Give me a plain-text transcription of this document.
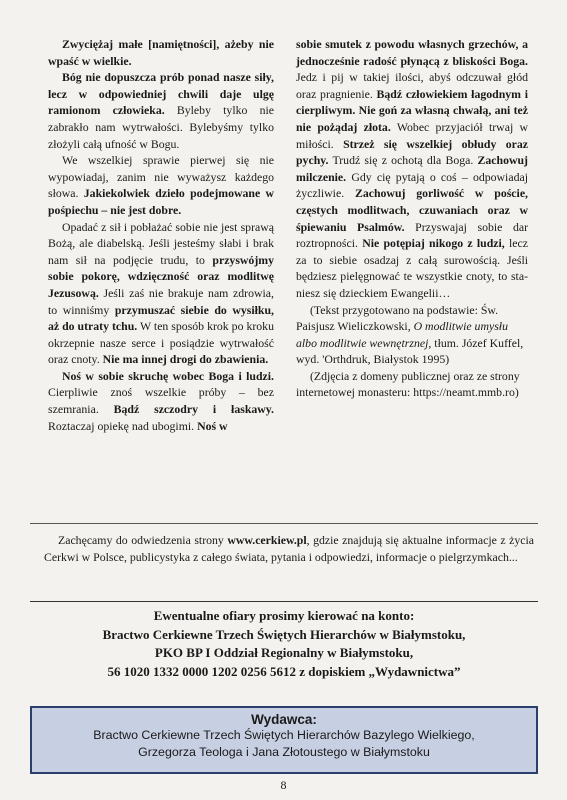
Zwyciężaj małe [namiętności], ażeby nie wpaść w wielkie.

Bóg nie dopuszcza prób ponad nasze siły, lecz w odpowiedniej chwili daje ulgę ramionom człowieka. Byleby tylko nie zabrakło nam wytrwałości. Bylebyśmy tylko złożyli całą ufność w Bogu.

We wszelkiej sprawie pierwej się nie wypowiadaj, zanim nie wyważysz każdego słowa. Jakiekolwiek dzieło podejmowane w pośpiechu – nie jest dobre.

Opadać z sił i pobłażać sobie nie jest sprawą Bożą, ale diabelską. Jeśli jesteśmy słabi i brak nam sił na podjęcie trudu, to przyswójmy sobie pokorę, wdzięczność oraz modlitwę Jezusową. Jeśli zaś nie brakuje nam zdrowia, to winniśmy przymuszać siebie do wysiłku, aż do utraty tchu. W ten sposób krok po kroku okrzepnie nasze serce i posiądzie wytrwałość oraz cnoty. Nie ma innej drogi do zbawienia.

Noś w sobie skruchę wobec Boga i ludzi. Cierpliwie znoś wszelkie próby – bez szemrania. Bądź szczodry i łaskawy. Roztaczaj opiekę nad ubogimi. Noś w

sobie smutek z powodu własnych grzechów, a jednocześnie radość płynącą z bliskości Boga. Jedz i pij w takiej ilości, abyś odczuwał głód oraz pragnienie. Bądź człowiekiem łagodnym i cierpliwym. Nie goń za własną chwałą, ani też nie pożądaj złota. Wobec przyjaciół trwaj w miłości. Strzeż się wszelkiej obłudy oraz pychy. Trudź się z ochotą dla Boga. Zachowuj milczenie. Gdy cię pytają o coś – odpowiadaj życzliwie. Zachowuj gorliwość w poście, częstych modlitwach, czuwaniach oraz w śpiewaniu Psalmów. Przyswajaj sobie dar roztropności. Nie potępiaj nikogo z ludzi, lecz za to siebie osadzaj z całą surowością. Jeśli będziesz pielęgnować te wszystkie cnoty, to staniesz się dzieckiem Ewangelii…

(Tekst przygotowano na podstawie: Św. Paisjusz Wieliczkowski, O modlitwie umysłu albo modlitwie wewnętrznej, tłum. Józef Kuffel, wyd. 'Orthdruk, Białystok 1995)

(Zdjęcia z domeny publicznej oraz ze strony internetowej monasteru: https://neamt.mmb.ro)

Zachęcamy do odwiedzenia strony www.cerkiew.pl, gdzie znajdują się aktualne informacje z życia Cerkwi w Polsce, publicystyka z całego świata, pytania i odpowiedzi, informacje o pielgrzymkach...
Ewentualne ofiary prosimy kierować na konto:
Bractwo Cerkiewne Trzech Świętych Hierarchów w Białymstoku,
PKO BP I Oddział Regionalny w Białymstoku,
56 1020 1332 0000 1202 0256 5612 z dopiskiem „Wydawnictwa”
Wydawca:
Bractwo Cerkiewne Trzech Świętych Hierarchów Bazylego Wielkiego,
Grzegorza Teologa i Jana Złotoustego w Białymstoku
8
